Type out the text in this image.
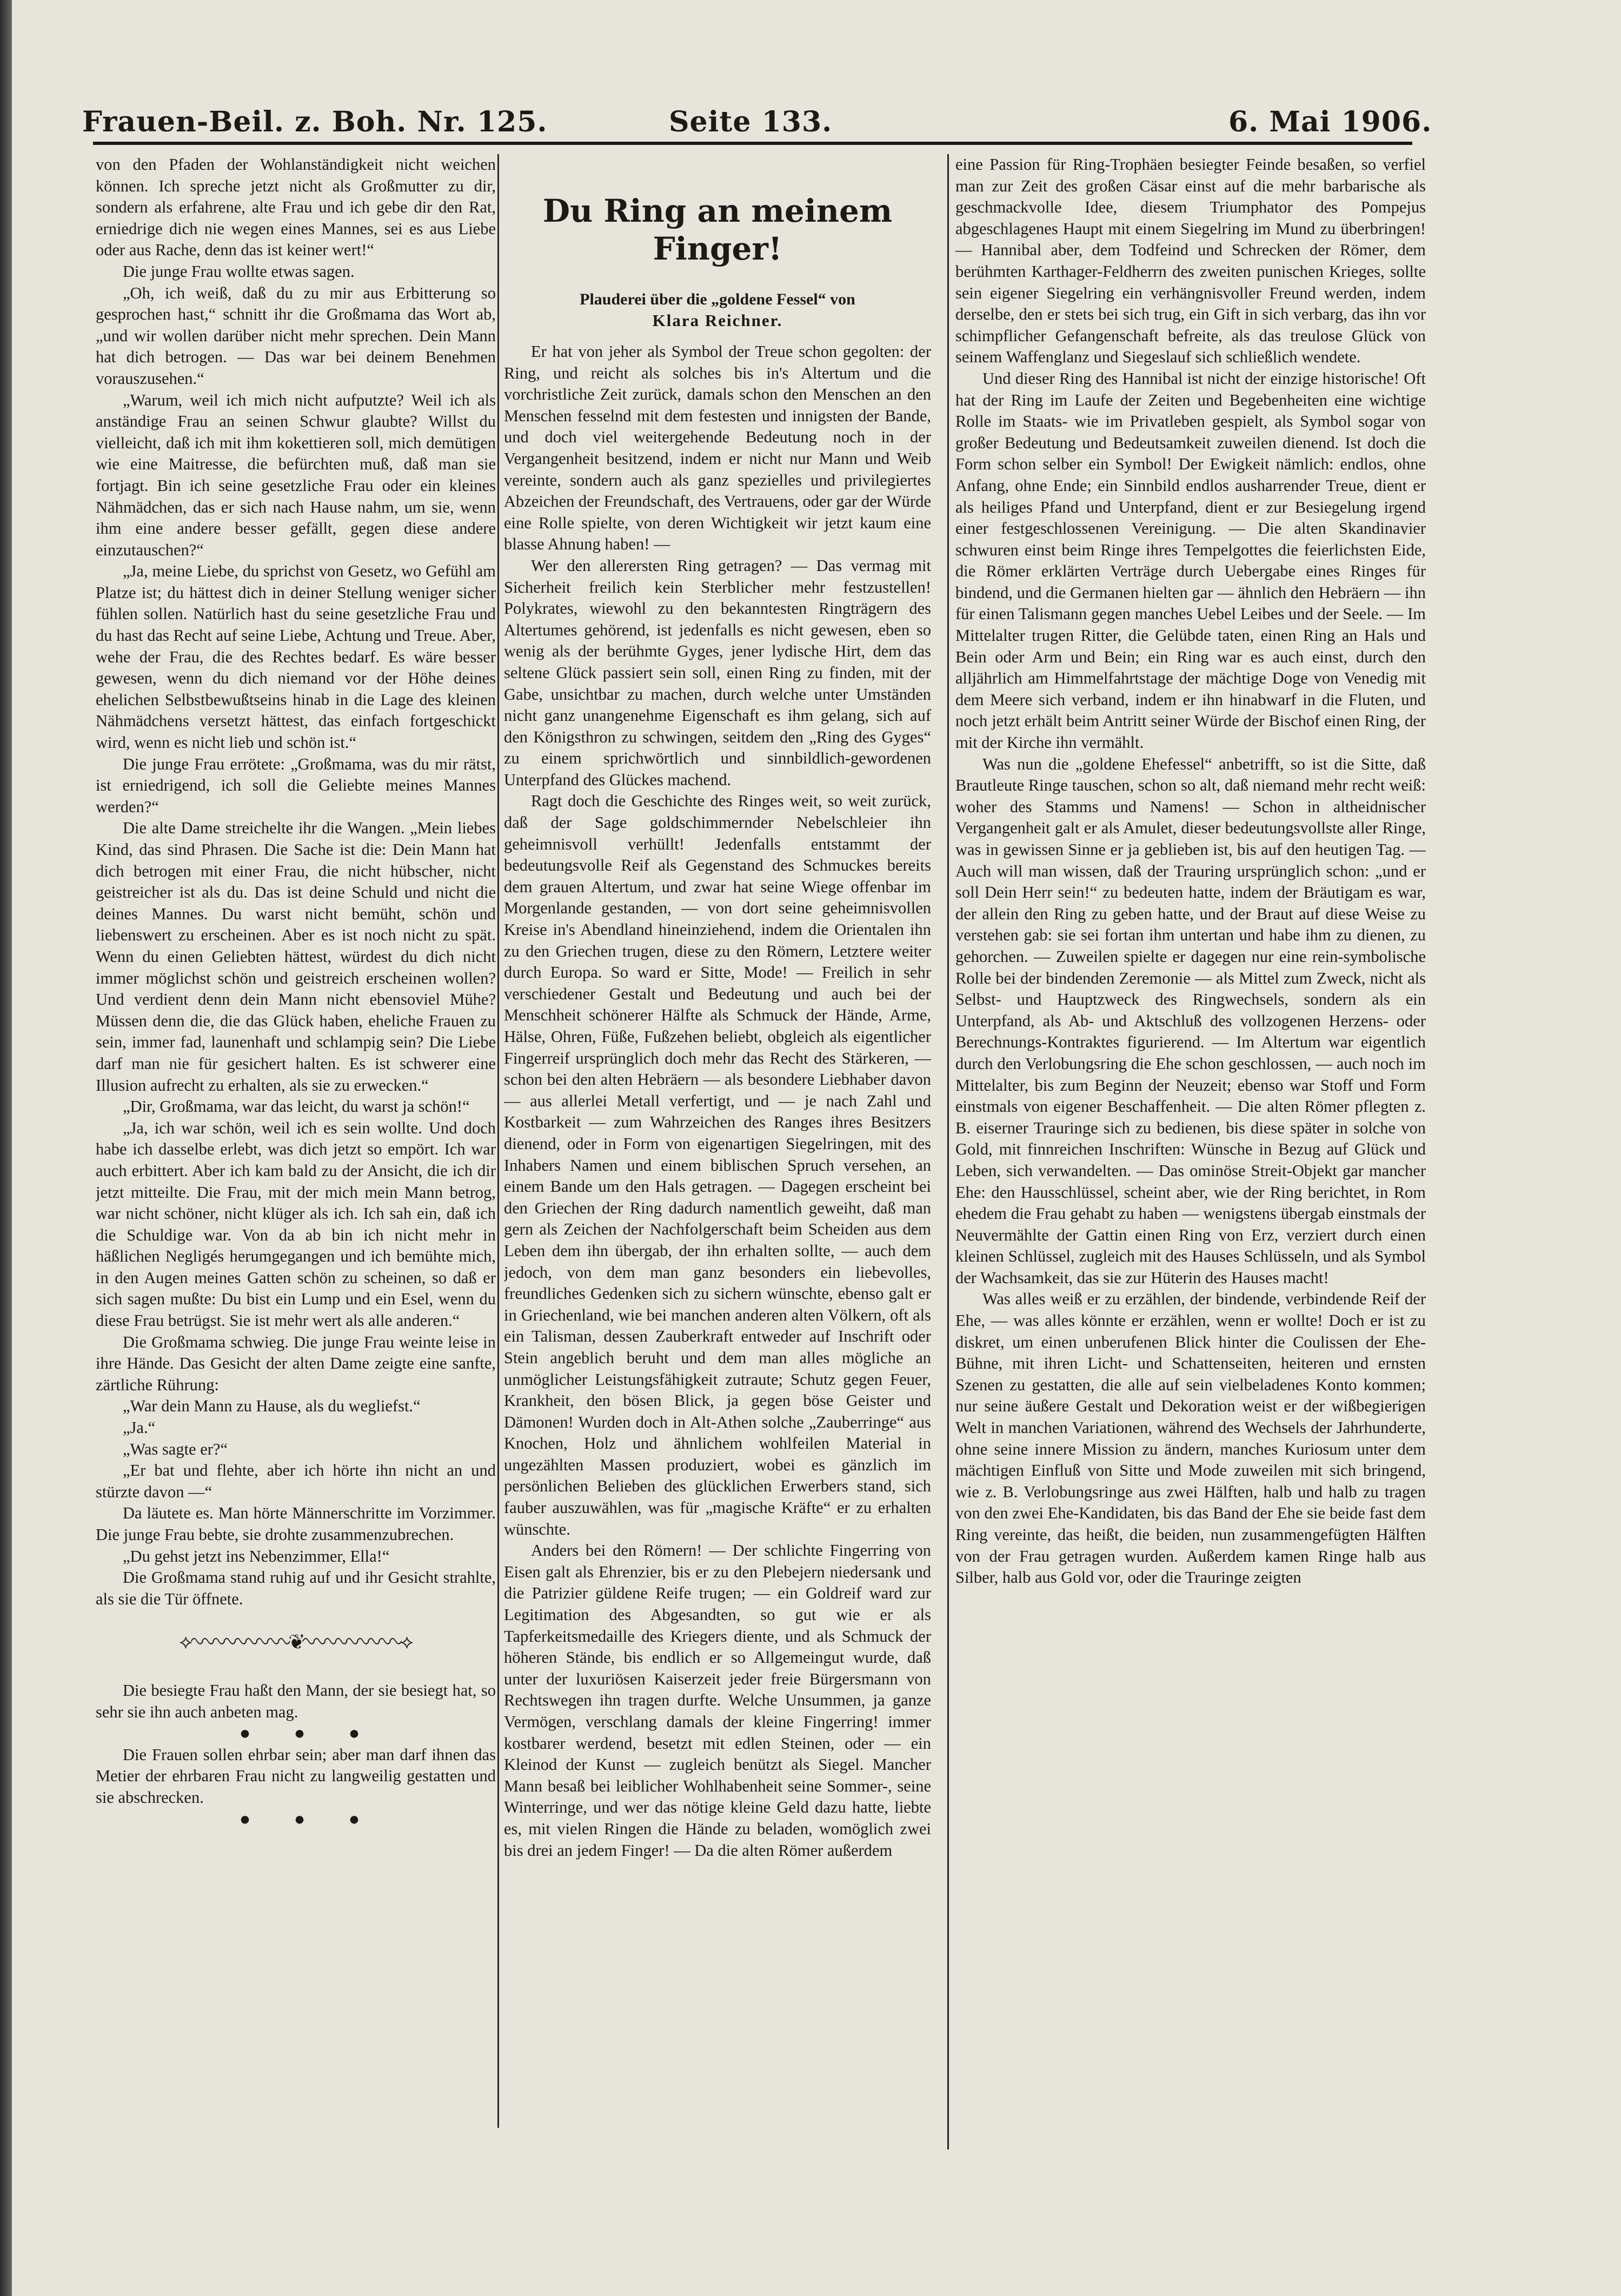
Frauen-Beil. z. Boh. Nr. 125.	Seite 133.	6. Mai 1906.

von den Pfaden der Wohlanständigkeit nicht weichen können. Ich spreche jetzt nicht als Großmutter zu dir, sondern als erfahrene, alte Frau und ich gebe dir den Rat, erniedrige dich nie wegen eines Mannes, sei es aus Liebe oder aus Rache, denn das ist keiner wert!“

Die junge Frau wollte etwas sagen.

„Oh, ich weiß, daß du zu mir aus Erbitterung so gesprochen hast,“ schnitt ihr die Großmama das Wort ab, „und wir wollen darüber nicht mehr sprechen. Dein Mann hat dich betrogen. — Das war bei deinem Benehmen vorauszusehen.“

„Warum, weil ich mich nicht aufputzte? Weil ich als anständige Frau an seinen Schwur glaubte? Willst du vielleicht, daß ich mit ihm kokettieren soll, mich demütigen wie eine Maitresse, die befürchten muß, daß man sie fortjagt. Bin ich seine gesetzliche Frau oder ein kleines Nähmädchen, das er sich nach Hause nahm, um sie, wenn ihm eine andere besser gefällt, gegen diese andere einzutauschen?“

„Ja, meine Liebe, du sprichst von Gesetz, wo Gefühl am Platze ist; du hättest dich in deiner Stellung weniger sicher fühlen sollen. Natürlich hast du seine gesetzliche Frau und du hast das Recht auf seine Liebe, Achtung und Treue. Aber, wehe der Frau, die des Rechtes bedarf. Es wäre besser gewesen, wenn du dich niemand vor der Höhe deines ehelichen Selbstbewußtseins hinab in die Lage des kleinen Nähmädchens versetzt hättest, das einfach fortgeschickt wird, wenn es nicht lieb und schön ist.“

Die junge Frau errötete: „Großmama, was du mir rätst, ist erniedrigend, ich soll die Geliebte meines Mannes werden?“

Die alte Dame streichelte ihr die Wangen. „Mein liebes Kind, das sind Phrasen. Die Sache ist die: Dein Mann hat dich betrogen mit einer Frau, die nicht hübscher, nicht geistreicher ist als du. Das ist deine Schuld und nicht die deines Mannes. Du warst nicht bemüht, schön und liebenswert zu erscheinen. Aber es ist noch nicht zu spät. Wenn du einen Geliebten hättest, würdest du dich nicht immer möglichst schön und geistreich erscheinen wollen? Und verdient denn dein Mann nicht ebensoviel Mühe? Müssen denn die, die das Glück haben, eheliche Frauen zu sein, immer fad, launenhaft und schlampig sein? Die Liebe darf man nie für gesichert halten. Es ist schwerer eine Illusion aufrecht zu erhalten, als sie zu erwecken.“

„Dir, Großmama, war das leicht, du warst ja schön!“

„Ja, ich war schön, weil ich es sein wollte. Und doch habe ich dasselbe erlebt, was dich jetzt so empört. Ich war auch erbittert. Aber ich kam bald zu der Ansicht, die ich dir jetzt mitteilte. Die Frau, mit der mich mein Mann betrog, war nicht schöner, nicht klüger als ich. Ich sah ein, daß ich die Schuldige war. Von da ab bin ich nicht mehr in häßlichen Negligés herumgegangen und ich bemühte mich, in den Augen meines Gatten schön zu scheinen, so daß er sich sagen mußte: Du bist ein Lump und ein Esel, wenn du diese Frau betrügst. Sie ist mehr wert als alle anderen.“

Die Großmama schwieg. Die junge Frau weinte leise in ihre Hände. Das Gesicht der alten Dame zeigte eine sanfte, zärtliche Rührung:

„War dein Mann zu Hause, als du wegliefst.“

„Ja.“

„Was sagte er?“

„Er bat und flehte, aber ich hörte ihn nicht an und stürzte davon —“

Da läutete es. Man hörte Männerschritte im Vorzimmer. Die junge Frau bebte, sie drohte zusammenzubrechen.

„Du gehst jetzt ins Nebenzimmer, Ella!“

Die Großmama stand ruhig auf und ihr Gesicht strahlte, als sie die Tür öffnete.

⟡∿∿∿∿∿∿∿∿∿❦∿∿∿∿∿∿∿∿∿⟡

Die besiegte Frau haßt den Mann, der sie besiegt hat, so sehr sie ihn auch anbeten mag.

● ● ●

Die Frauen sollen ehrbar sein; aber man darf ihnen das Metier der ehrbaren Frau nicht zu langweilig gestatten und sie abschrecken.

● ● ●

Du Ring an meinem Finger!

Plauderei über die „goldene Fessel“ von

Klara Reichner.

Er hat von jeher als Symbol der Treue schon gegolten: der Ring, und reicht als solches bis in's Altertum und die vorchristliche Zeit zurück, damals schon den Menschen an den Menschen fesselnd mit dem festesten und innigsten der Bande, und doch viel weitergehende Bedeutung noch in der Vergangenheit besitzend, indem er nicht nur Mann und Weib vereinte, sondern auch als ganz spezielles und privilegiertes Abzeichen der Freundschaft, des Vertrauens, oder gar der Würde eine Rolle spielte, von deren Wichtigkeit wir jetzt kaum eine blasse Ahnung haben! —

Wer den allerersten Ring getragen? — Das vermag mit Sicherheit freilich kein Sterblicher mehr festzustellen! Polykrates, wiewohl zu den bekanntesten Ringträgern des Altertumes gehörend, ist jedenfalls es nicht gewesen, eben so wenig als der berühmte Gyges, jener lydische Hirt, dem das seltene Glück passiert sein soll, einen Ring zu finden, mit der Gabe, unsichtbar zu machen, durch welche unter Umständen nicht ganz unangenehme Eigenschaft es ihm gelang, sich auf den Königsthron zu schwingen, seitdem den „Ring des Gyges“ zu einem sprichwörtlich und sinnbildlich-gewordenen Unterpfand des Glückes machend.

Ragt doch die Geschichte des Ringes weit, so weit zurück, daß der Sage goldschimmernder Nebelschleier ihn geheimnisvoll verhüllt! Jedenfalls entstammt der bedeutungsvolle Reif als Gegenstand des Schmuckes bereits dem grauen Altertum, und zwar hat seine Wiege offenbar im Morgenlande gestanden, — von dort seine geheimnisvollen Kreise in's Abendland hineinziehend, indem die Orientalen ihn zu den Griechen trugen, diese zu den Römern, Letztere weiter durch Europa. So ward er Sitte, Mode! — Freilich in sehr verschiedener Gestalt und Bedeutung und auch bei der Menschheit schönerer Hälfte als Schmuck der Hände, Arme, Hälse, Ohren, Füße, Fußzehen beliebt, obgleich als eigentlicher Fingerreif ursprünglich doch mehr das Recht des Stärkeren, — schon bei den alten Hebräern — als besondere Liebhaber davon — aus allerlei Metall verfertigt, und — je nach Zahl und Kostbarkeit — zum Wahrzeichen des Ranges ihres Besitzers dienend, oder in Form von eigenartigen Siegelringen, mit des Inhabers Namen und einem biblischen Spruch versehen, an einem Bande um den Hals getragen. — Dagegen erscheint bei den Griechen der Ring dadurch namentlich geweiht, daß man gern als Zeichen der Nachfolgerschaft beim Scheiden aus dem Leben dem ihn übergab, der ihn erhalten sollte, — auch dem jedoch, von dem man ganz besonders ein liebevolles, freundliches Gedenken sich zu sichern wünschte, ebenso galt er in Griechenland, wie bei manchen anderen alten Völkern, oft als ein Talisman, dessen Zauberkraft entweder auf Inschrift oder Stein angeblich beruht und dem man alles mögliche an unmöglicher Leistungsfähigkeit zutraute; Schutz gegen Feuer, Krankheit, den bösen Blick, ja gegen böse Geister und Dämonen! Wurden doch in Alt-Athen solche „Zauberringe“ aus Knochen, Holz und ähnlichem wohlfeilen Material in ungezählten Massen produziert, wobei es gänzlich im persönlichen Belieben des glücklichen Erwerbers stand, sich fauber auszuwählen, was für „magische Kräfte“ er zu erhalten wünschte.

Anders bei den Römern! — Der schlichte Fingerring von Eisen galt als Ehrenzier, bis er zu den Plebejern niedersank und die Patrizier güldene Reife trugen; — ein Goldreif ward zur Legitimation des Abgesandten, so gut wie er als Tapferkeitsmedaille des Kriegers diente, und als Schmuck der höheren Stände, bis endlich er so Allgemeingut wurde, daß unter der luxuriösen Kaiserzeit jeder freie Bürgersmann von Rechtswegen ihn tragen durfte. Welche Unsummen, ja ganze Vermögen, verschlang damals der kleine Fingerring! immer kostbarer werdend, besetzt mit edlen Steinen, oder — ein Kleinod der Kunst — zugleich benützt als Siegel. Mancher Mann besaß bei leiblicher Wohlhabenheit seine Sommer-, seine Winterringe, und wer das nötige kleine Geld dazu hatte, liebte es, mit vielen Ringen die Hände zu beladen, womöglich zwei bis drei an jedem Finger! — Da die alten Römer außerdem

eine Passion für Ring-Trophäen besiegter Feinde besaßen, so verfiel man zur Zeit des großen Cäsar einst auf die mehr barbarische als geschmackvolle Idee, diesem Triumphator des Pompejus abgeschlagenes Haupt mit einem Siegelring im Mund zu überbringen! — Hannibal aber, dem Todfeind und Schrecken der Römer, dem berühmten Karthager-Feldherrn des zweiten punischen Krieges, sollte sein eigener Siegelring ein verhängnisvoller Freund werden, indem derselbe, den er stets bei sich trug, ein Gift in sich verbarg, das ihn vor schimpflicher Gefangenschaft befreite, als das treulose Glück von seinem Waffenglanz und Siegeslauf sich schließlich wendete.

Und dieser Ring des Hannibal ist nicht der einzige historische! Oft hat der Ring im Laufe der Zeiten und Begebenheiten eine wichtige Rolle im Staats- wie im Privatleben gespielt, als Symbol sogar von großer Bedeutung und Bedeutsamkeit zuweilen dienend. Ist doch die Form schon selber ein Symbol! Der Ewigkeit nämlich: endlos, ohne Anfang, ohne Ende; ein Sinnbild endlos ausharrender Treue, dient er als heiliges Pfand und Unterpfand, dient er zur Besiegelung irgend einer festgeschlossenen Vereinigung. — Die alten Skandinavier schwuren einst beim Ringe ihres Tempelgottes die feierlichsten Eide, die Römer erklärten Verträge durch Uebergabe eines Ringes für bindend, und die Germanen hielten gar — ähnlich den Hebräern — ihn für einen Talismann gegen manches Uebel Leibes und der Seele. — Im Mittelalter trugen Ritter, die Gelübde taten, einen Ring an Hals und Bein oder Arm und Bein; ein Ring war es auch einst, durch den alljährlich am Himmelfahrtstage der mächtige Doge von Venedig mit dem Meere sich verband, indem er ihn hinabwarf in die Fluten, und noch jetzt erhält beim Antritt seiner Würde der Bischof einen Ring, der mit der Kirche ihn vermählt.

Was nun die „goldene Ehefessel“ anbetrifft, so ist die Sitte, daß Brautleute Ringe tauschen, schon so alt, daß niemand mehr recht weiß: woher des Stamms und Namens! — Schon in altheidnischer Vergangenheit galt er als Amulet, dieser bedeutungsvollste aller Ringe, was in gewissen Sinne er ja geblieben ist, bis auf den heutigen Tag. — Auch will man wissen, daß der Trauring ursprünglich schon: „und er soll Dein Herr sein!“ zu bedeuten hatte, indem der Bräutigam es war, der allein den Ring zu geben hatte, und der Braut auf diese Weise zu verstehen gab: sie sei fortan ihm untertan und habe ihm zu dienen, zu gehorchen. — Zuweilen spielte er dagegen nur eine rein-symbolische Rolle bei der bindenden Zeremonie — als Mittel zum Zweck, nicht als Selbst- und Hauptzweck des Ringwechsels, sondern als ein Unterpfand, als Ab- und Aktschluß des vollzogenen Herzens- oder Berechnungs-Kontraktes figurierend. — Im Altertum war eigentlich durch den Verlobungsring die Ehe schon geschlossen, — auch noch im Mittelalter, bis zum Beginn der Neuzeit; ebenso war Stoff und Form einstmals von eigener Beschaffenheit. — Die alten Römer pflegten z. B. eiserner Trauringe sich zu bedienen, bis diese später in solche von Gold, mit finnreichen Inschriften: Wünsche in Bezug auf Glück und Leben, sich verwandelten. — Das ominöse Streit-Objekt gar mancher Ehe: den Hausschlüssel, scheint aber, wie der Ring berichtet, in Rom ehedem die Frau gehabt zu haben — wenigstens übergab einstmals der Neuvermählte der Gattin einen Ring von Erz, verziert durch einen kleinen Schlüssel, zugleich mit des Hauses Schlüsseln, und als Symbol der Wachsamkeit, das sie zur Hüterin des Hauses macht!

Was alles weiß er zu erzählen, der bindende, verbindende Reif der Ehe, — was alles könnte er erzählen, wenn er wollte! Doch er ist zu diskret, um einen unberufenen Blick hinter die Coulissen der Ehe-Bühne, mit ihren Licht- und Schattenseiten, heiteren und ernsten Szenen zu gestatten, die alle auf sein vielbeladenes Konto kommen; nur seine äußere Gestalt und Dekoration weist er der wißbegierigen Welt in manchen Variationen, während des Wechsels der Jahrhunderte, ohne seine innere Mission zu ändern, manches Kuriosum unter dem mächtigen Einfluß von Sitte und Mode zuweilen mit sich bringend, wie z. B. Verlobungsringe aus zwei Hälften, halb und halb zu tragen von den zwei Ehe-Kandidaten, bis das Band der Ehe sie beide fast dem Ring vereinte, das heißt, die beiden, nun zusammengefügten Hälften von der Frau getragen wurden. Außerdem kamen Ringe halb aus Silber, halb aus Gold vor, oder die Trauringe zeigten
